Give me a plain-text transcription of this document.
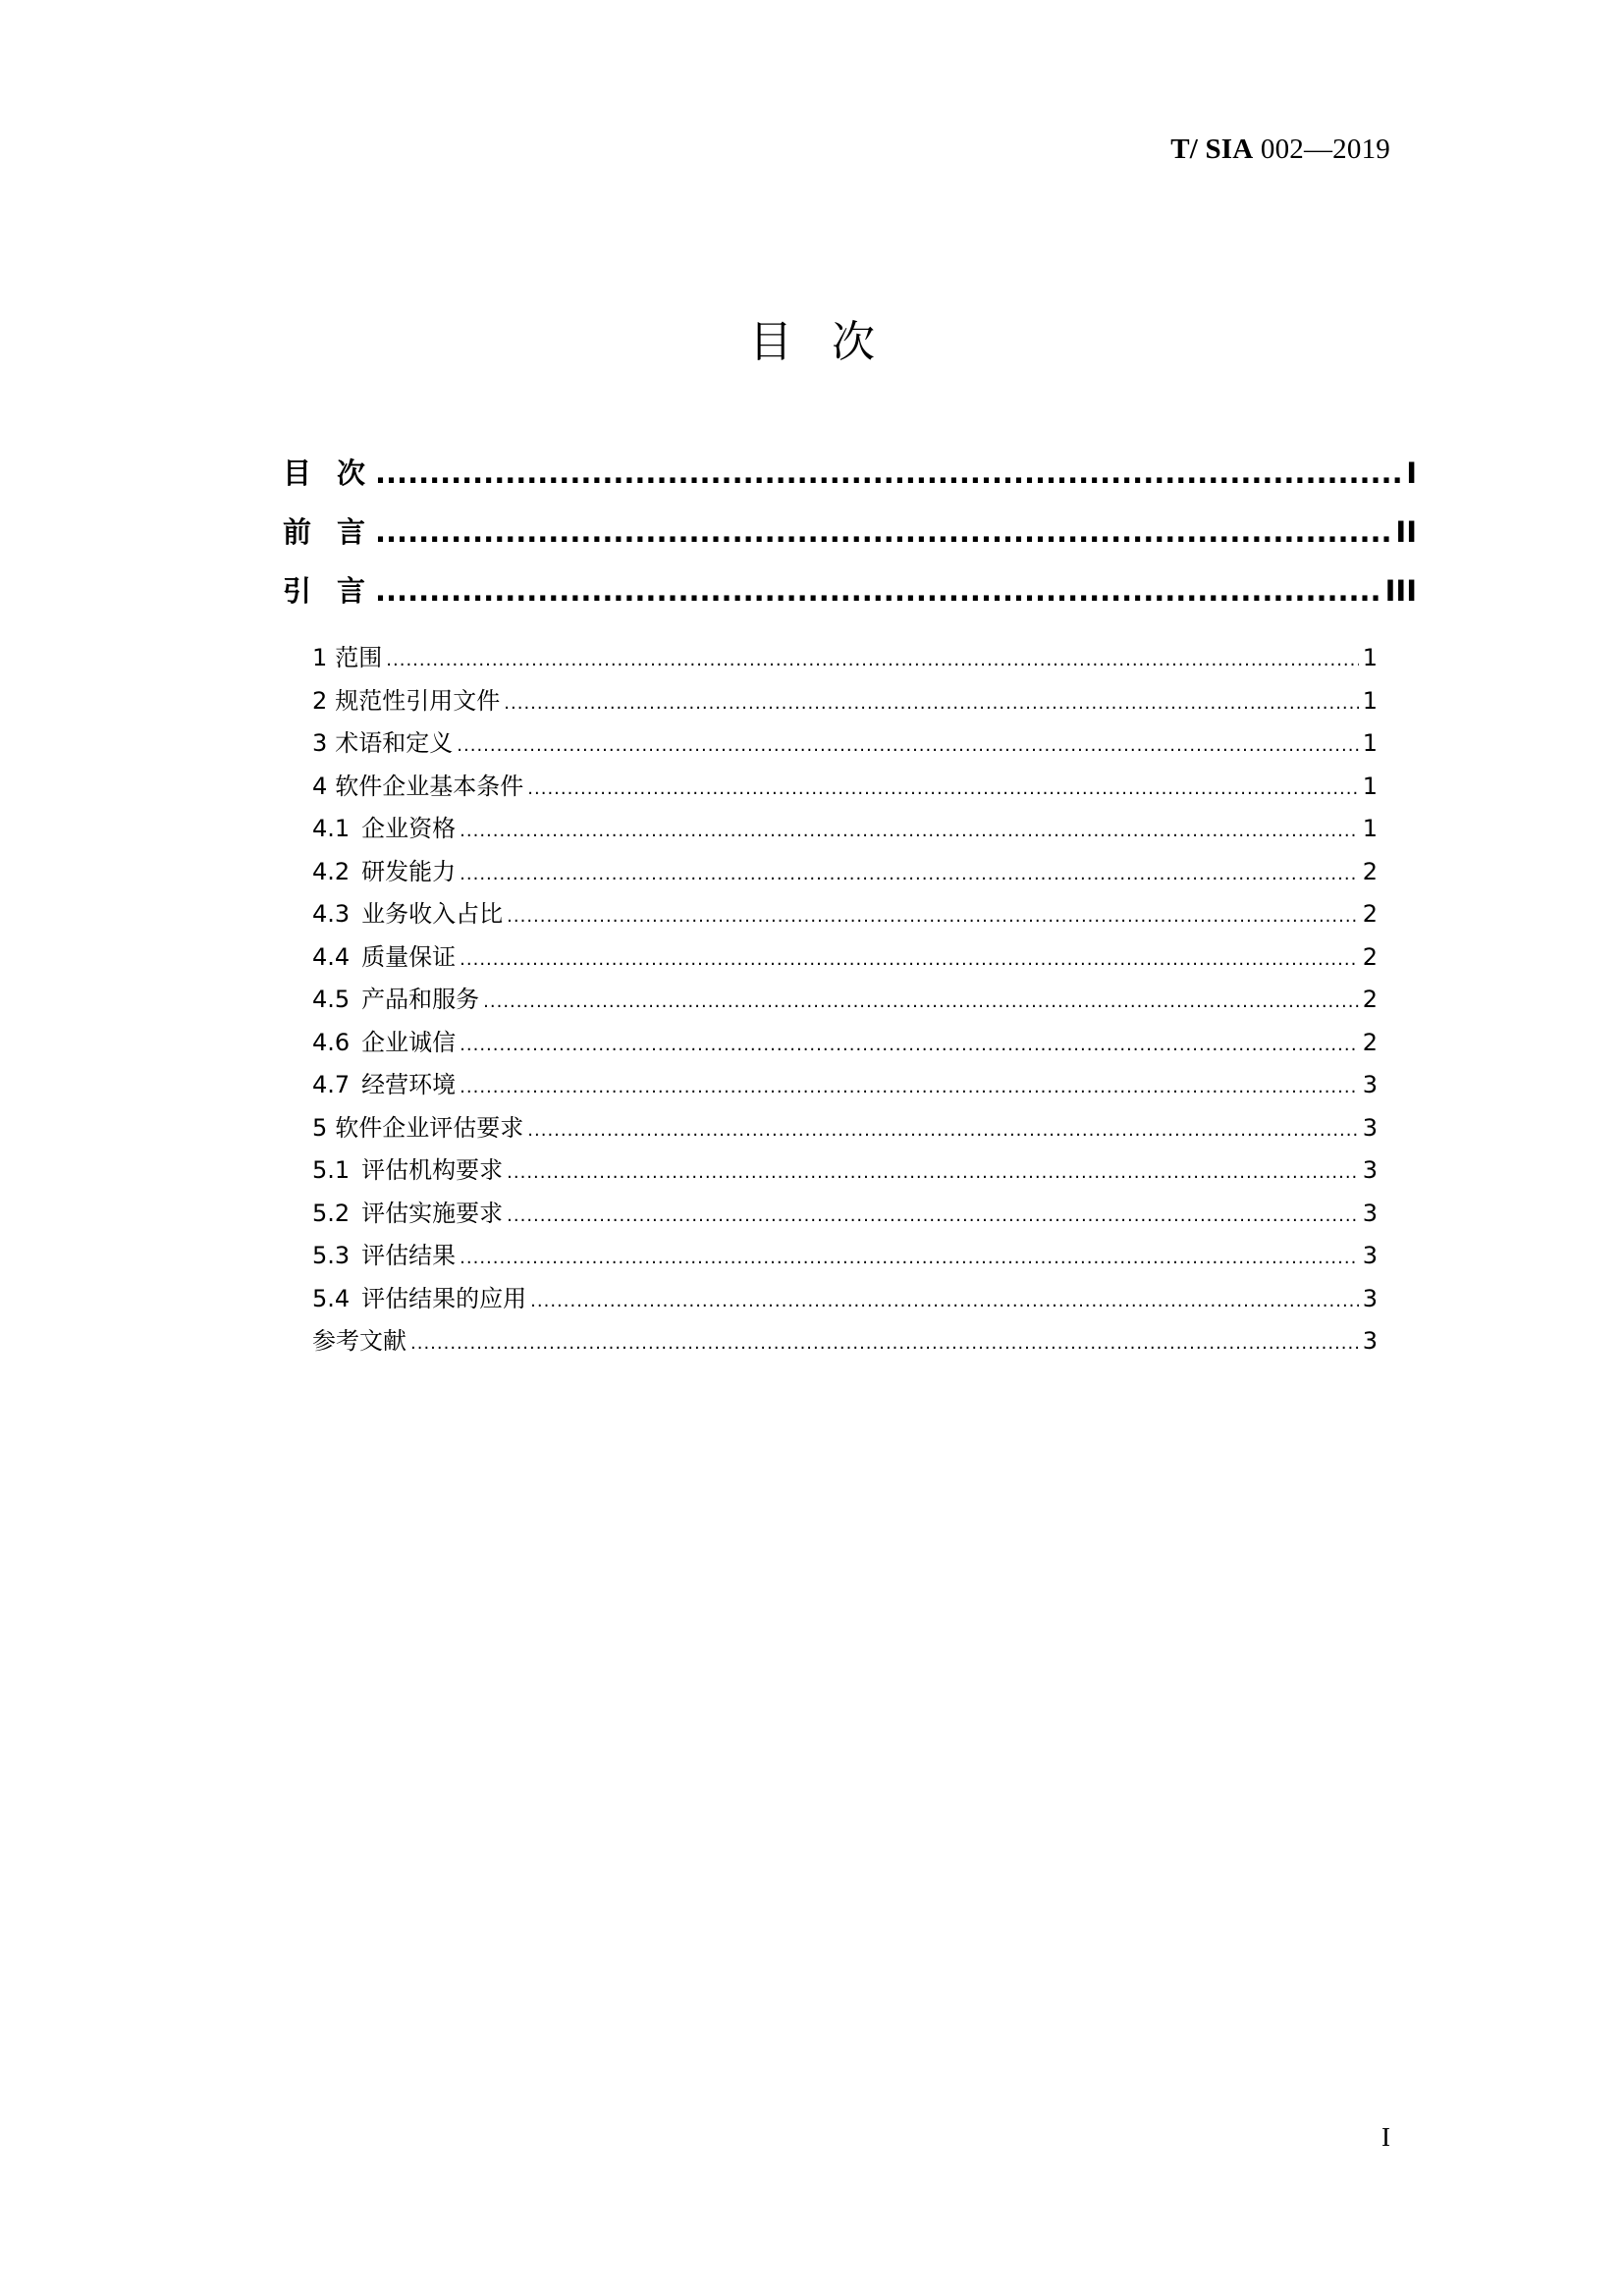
T/ SIA 002—2019
目次
目次 .....	I
前言 .....	II
引言 .....	III
1 范围 .....	1
2 规范性引用文件 .....	1
3 术语和定义 .....	1
4 软件企业基本条件 .....	1
4.1 企业资格 .....	1
4.2 研发能力 .....	2
4.3 业务收入占比 .....	2
4.4 质量保证 .....	2
4.5 产品和服务 .....	2
4.6 企业诚信 .....	2
4.7 经营环境 .....	3
5 软件企业评估要求 .....	3
5.1 评估机构要求 .....	3
5.2 评估实施要求 .....	3
5.3 评估结果 .....	3
5.4 评估结果的应用 .....	3
参考文献 .....	3
I
